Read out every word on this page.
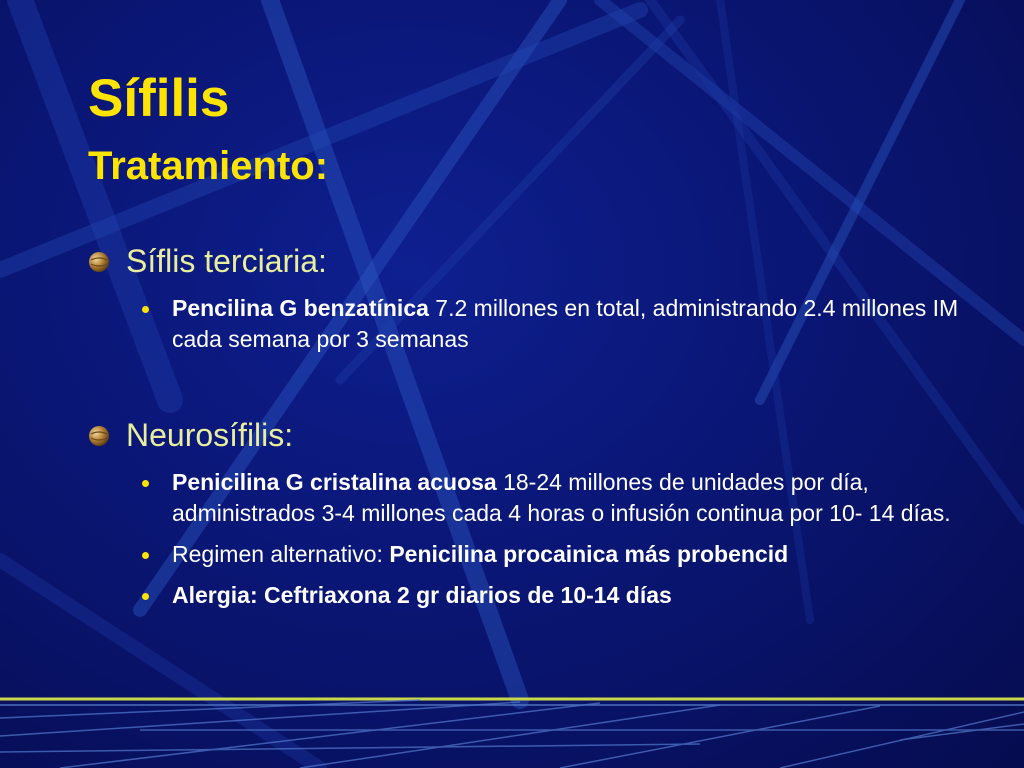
Sífilis
Tratamiento:
Síflis terciaria:
Pencilina G benzatínica 7.2 millones en total, administrando 2.4 millones IM cada semana por 3 semanas
Neurosífilis:
Penicilina G cristalina acuosa 18-24 millones de unidades por día, administrados 3-4 millones cada 4 horas o infusión continua por 10- 14 días.
Regimen alternativo: Penicilina procainica más probencid
Alergia: Ceftriaxona 2 gr diarios de 10-14 días
